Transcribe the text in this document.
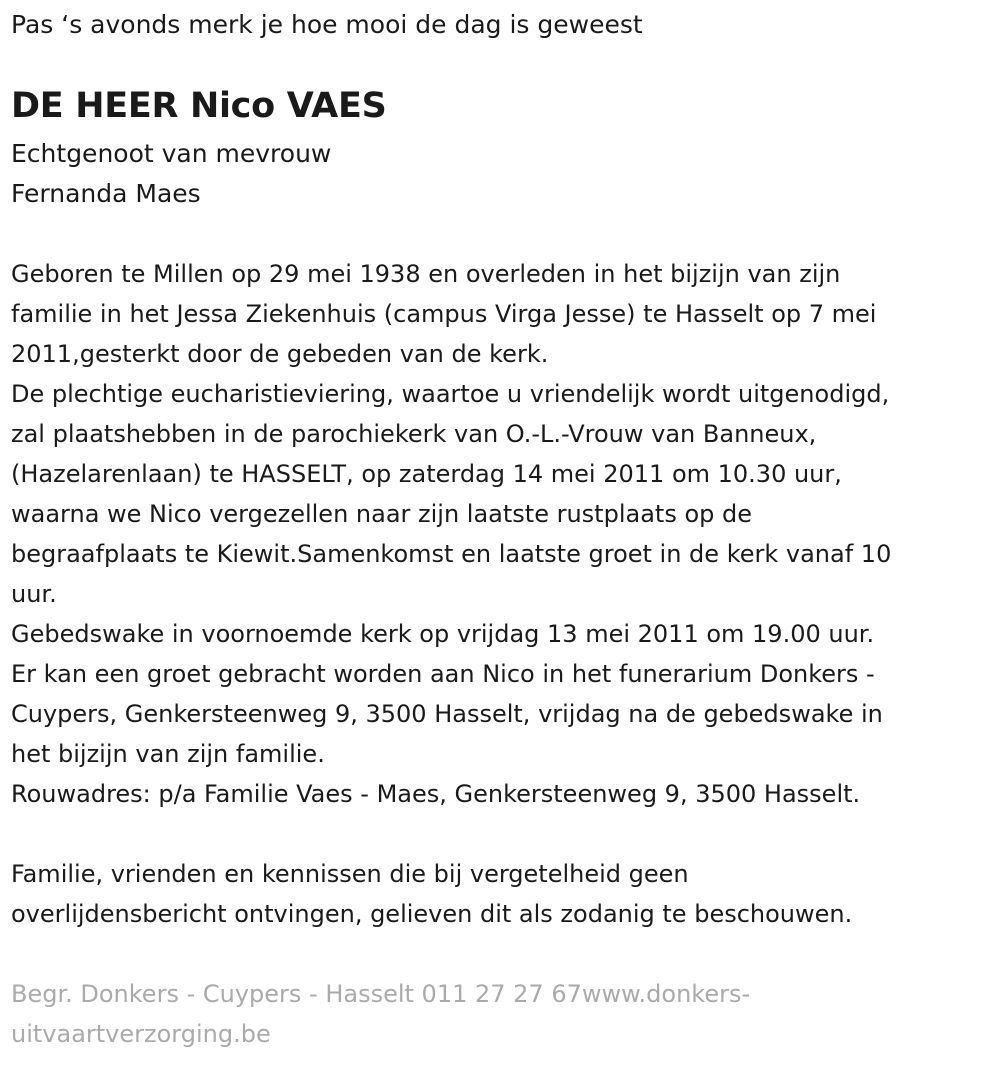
Pas ‘s avonds merk je hoe mooi de dag is geweest
DE HEER Nico VAES
Echtgenoot van mevrouw
Fernanda Maes
Geboren te Millen op 29 mei 1938 en overleden in het bijzijn van zijn
familie in het Jessa Ziekenhuis (campus Virga Jesse) te Hasselt op 7 mei
2011,gesterkt door de gebeden van de kerk.
De plechtige eucharistieviering, waartoe u vriendelijk wordt uitgenodigd,
zal plaatshebben in de parochiekerk van O.-L.-Vrouw van Banneux,
(Hazelarenlaan) te HASSELT, op zaterdag 14 mei 2011 om 10.30 uur,
waarna we Nico vergezellen naar zijn laatste rustplaats op de
begraafplaats te Kiewit.Samenkomst en laatste groet in de kerk vanaf 10
uur.
Gebedswake in voornoemde kerk op vrijdag 13 mei 2011 om 19.00 uur.
Er kan een groet gebracht worden aan Nico in het funerarium Donkers -
Cuypers, Genkersteenweg 9, 3500 Hasselt, vrijdag na de gebedswake in
het bijzijn van zijn familie.
Rouwadres: p/a Familie Vaes - Maes, Genkersteenweg 9, 3500 Hasselt.
Familie, vrienden en kennissen die bij vergetelheid geen
overlijdensbericht ontvingen, gelieven dit als zodanig te beschouwen.
Begr. Donkers - Cuypers - Hasselt 011 27 27 67www.donkers-
uitvaartverzorging.be
